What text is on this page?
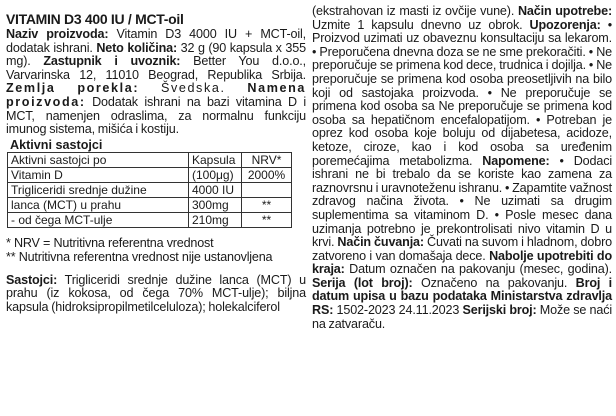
VITAMIN D3 400 IU / MCT-oil

Naziv proizvoda: Vitamin D3 4000 IU + MCT-oil, dodatak ishrani. Neto količina: 32 g (90 kapsula x 355 mg). Zastupnik i uvoznik: Better You d.o.o., Varvarinska 12, 11010 Beograd, Republika Srbija. Zemlja porekla: Švedska. Namena proizvoda: Dodatak ishrani na bazi vitamina D i MCT, namenjen odraslima, za normalnu funkciju imunog sistema, mišića i kostiju.

Aktivni sastojci
Aktivni sastojci po	Kapsula	NRV*
Vitamin D	(100μg)	2000%
Trigliceridi srednje dužine	4000 IU	
lanca (MCT) u prahu	300mg	**
- od čega MCT-ulje	210mg	**
* NRV = Nutritivna referentna vrednost
** Nutritivna referentna vrednost nije ustanovljena

Sastojci: Trigliceridi srednje dužine lanca (MCT) u prahu (iz kokosa, od čega 70% MCT-ulje); biljna kapsula (hidroksipropilmetilceluloza); holekalciferol

(ekstrahovan iz masti iz ovčije vune). Način upotrebe: Uzmite 1 kapsulu dnevno uz obrok. Upozorenja: • Proizvod uzimati uz obaveznu konsultaciju sa lekarom. • Preporučena dnevna doza se ne sme prekoračiti. • Ne preporučuje se primena kod dece, trudnica i dojilja. • Ne preporučuje se primena kod osoba preosetljivih na bilo koji od sastojaka proizvoda. • Ne preporučuje se primena kod osoba sa Ne preporučuje se primena kod osoba sa hepatičnom encefalopatijom. • Potreban je oprez kod osoba koje boluju od dijabetesa, acidoze, ketoze, ciroze, kao i kod osoba sa uređenim poremećajima metabolizma. Napomene: • Dodaci ishrani ne bi trebalo da se koriste kao zamena za raznovrsnu i uravnoteženu ishranu. • Zapamtite važnost zdravog načina života. • Ne uzimati sa drugim suplementima sa vitaminom D. • Posle mesec dana uzimanja potrebno je prekontrolisati nivo vitamin D u krvi. Način čuvanja: Čuvati na suvom i hladnom, dobro zatvoreno i van domašaja dece. Nabolje upotrebiti do kraja: Datum označen na pakovanju (mesec, godina). Serija (lot broj): Označeno na pakovanju. Broj i datum upisa u bazu podataka Ministarstva zdravlja RS: 1502-2023 24.11.2023 Serijski broj: Može se naći na zatvaraču.
